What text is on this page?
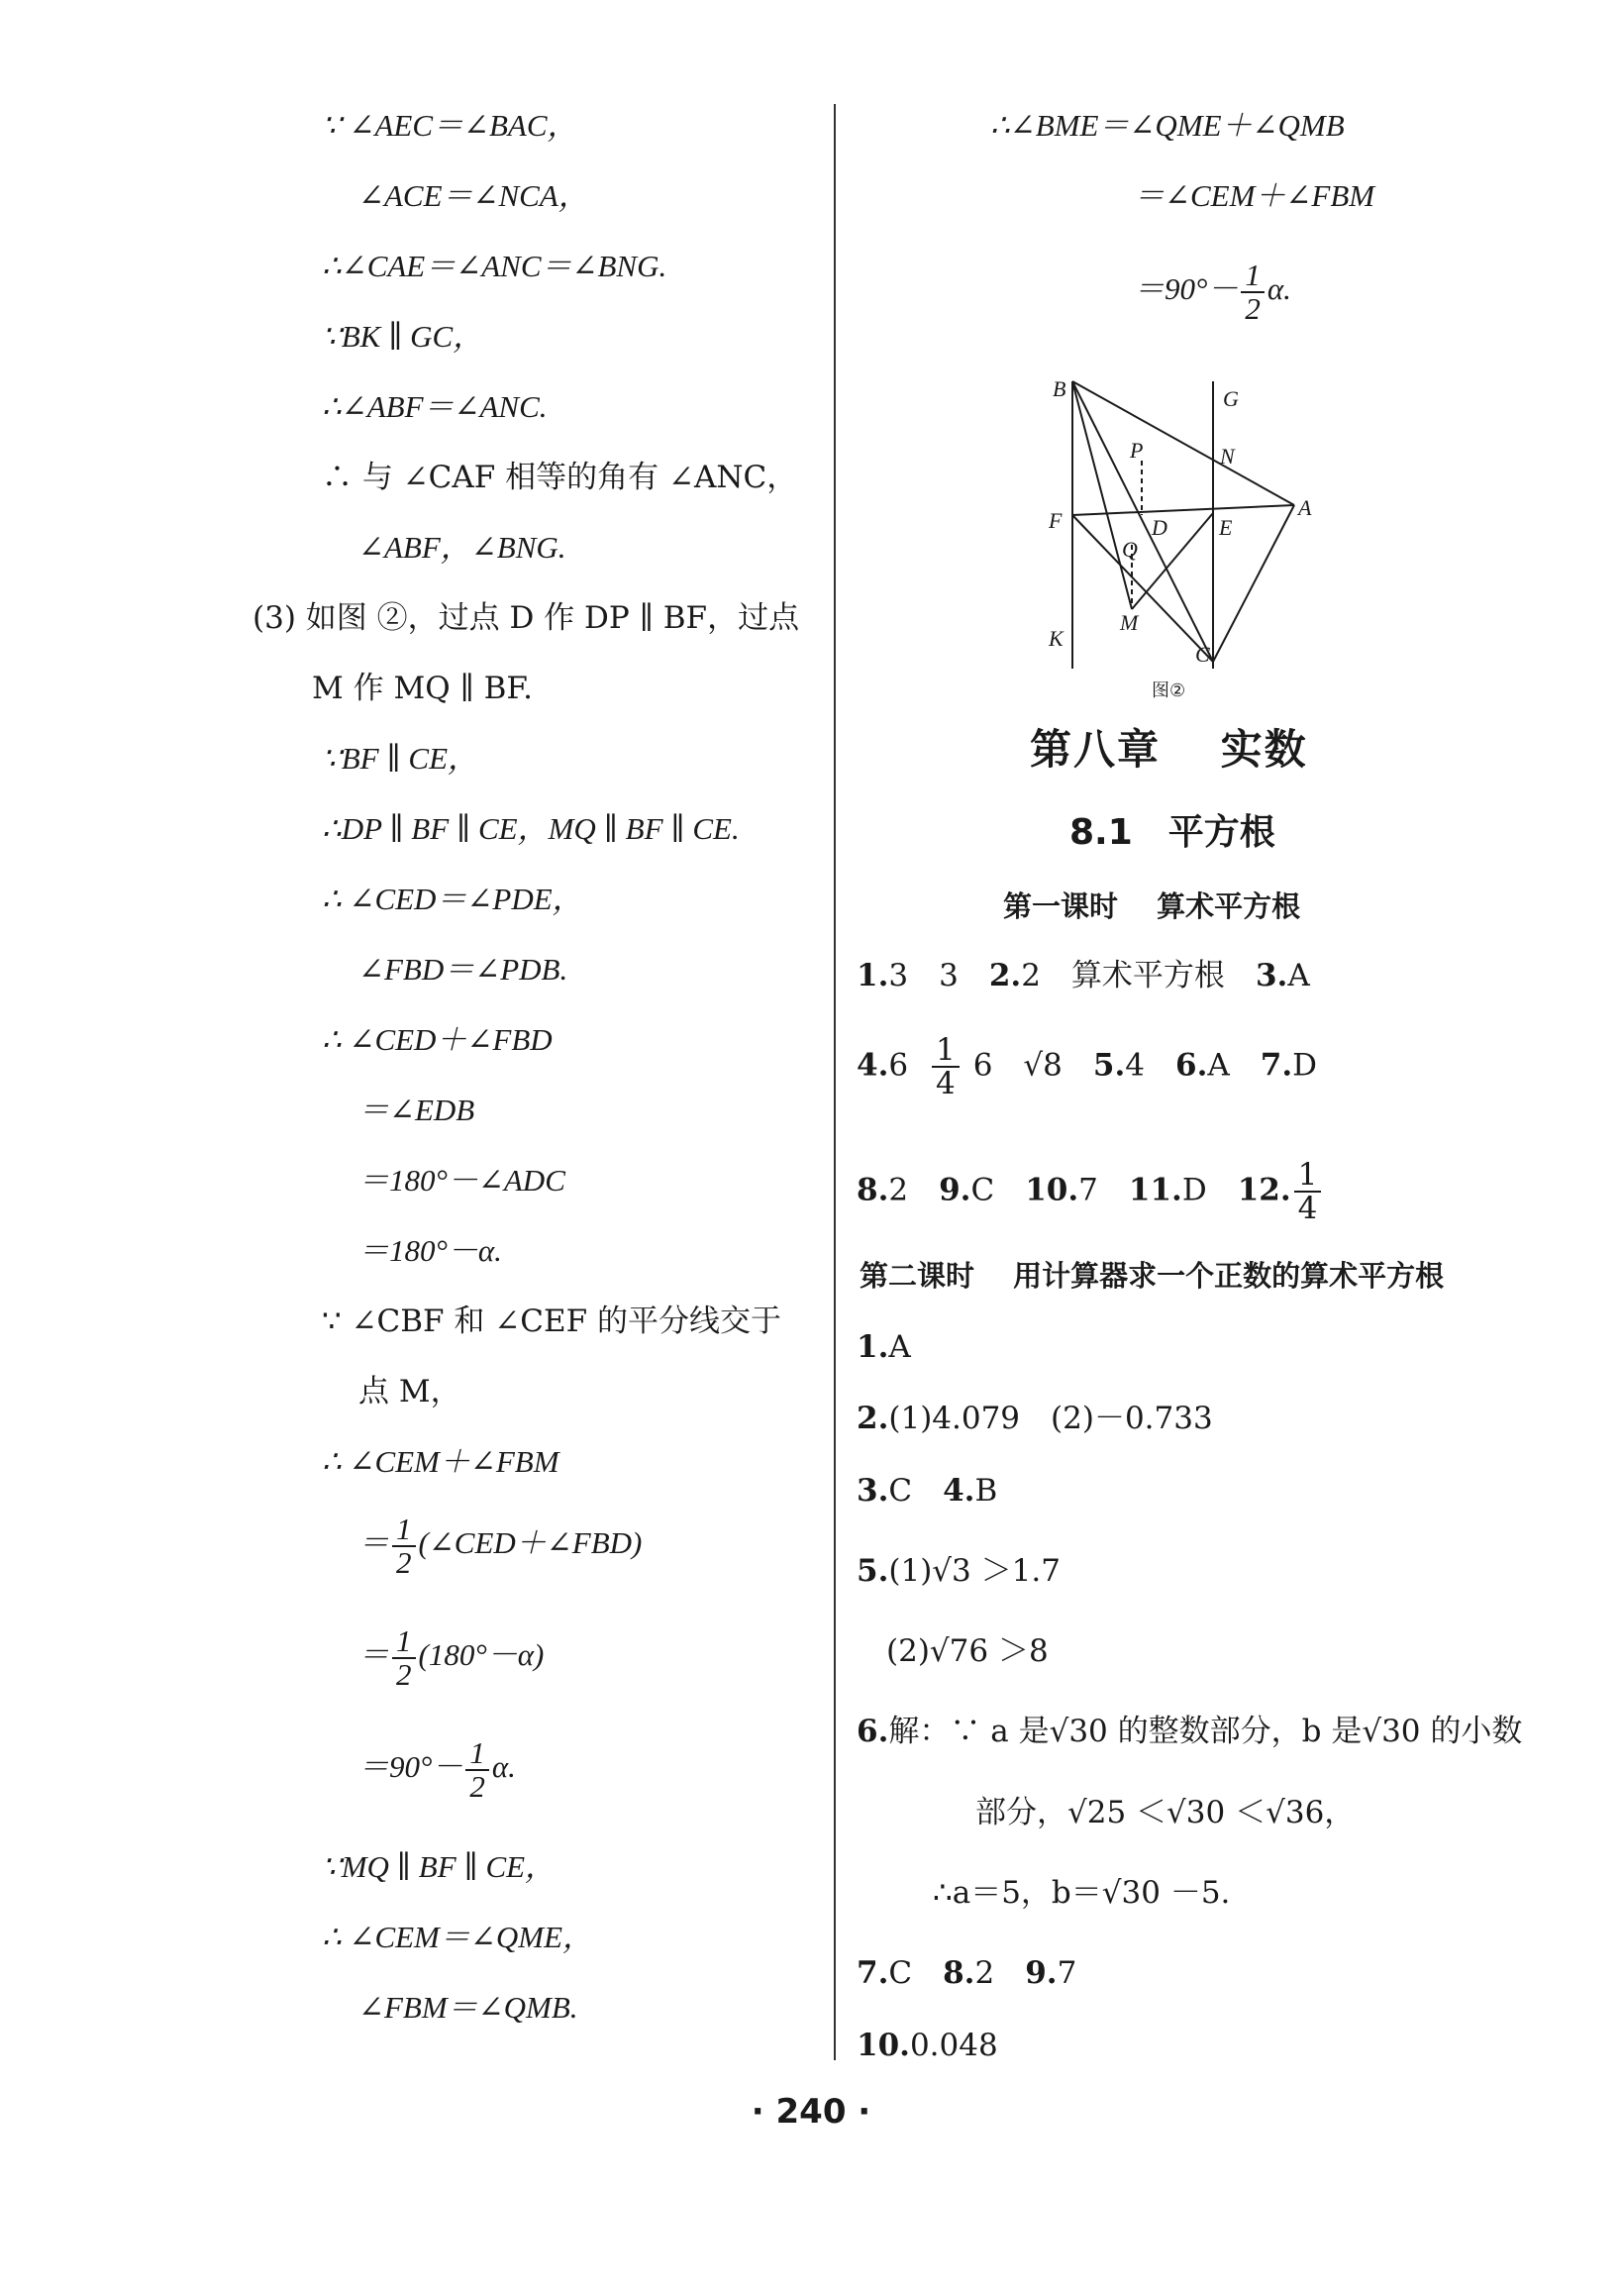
∵ ∠AEC＝∠BAC，
∠ACE＝∠NCA，
∴∠CAE＝∠ANC＝∠BNG.
∵BK ∥ GC，
∴∠ABF＝∠ANC.
∴ 与 ∠CAF 相等的角有 ∠ANC，
∠ABF，∠BNG.
(3) 如图 ②，过点 D 作 DP ∥ BF，过点
M 作 MQ ∥ BF.
∵BF ∥ CE，
∴DP ∥ BF ∥ CE，MQ ∥ BF ∥ CE.
∴ ∠CED＝∠PDE，
∠FBD＝∠PDB.
∴ ∠CED＋∠FBD
＝∠EDB
＝180°－∠ADC
＝180°－α.
∵ ∠CBF 和 ∠CEF 的平分线交于
点 M，
∴ ∠CEM＋∠FBM
＝ $\frac{1}{2}$ (∠CED＋∠FBD)
＝ $\frac{1}{2} (180^\circ-\alpha)$
$=90^\circ- \frac{1}{2} \alpha$.
∵MQ ∥ BF ∥ CE，
∴ ∠CEM＝∠QME，
∠FBM＝∠QMB.
∴∠BME＝∠QME＋∠QMB
＝∠CEM＋∠FBM
$=90^\circ- \frac{1}{2} \alpha$.
B	G
P	N
F	D E
A
Q
M
K
C
图②
第八章　 实数
8.1　平方根
第一课时　 算术平方根
1.3　3　2.2　算术平方根　3.A
$4.6 \frac{1}{4} 6$　√8　5.4　6.A　7.D
8.2　9.C　10.7　11.D　12. $\frac{1}{4}$
第二课时　 用计算器求一个正数的算术平方根
1.A
2.(1)4.079　(2)－0.733
3.C　4.B
5.(1)√3 ＞1.7
(2)√76 ＞8
6.解：∵ a 是√30 的整数部分，b 是√30 的小数
部分，√25 ＜√30 ＜√36，
∴a＝5，b＝√30 －5.
7.C　8.2　9.7
10.0.048
· 240 ·
